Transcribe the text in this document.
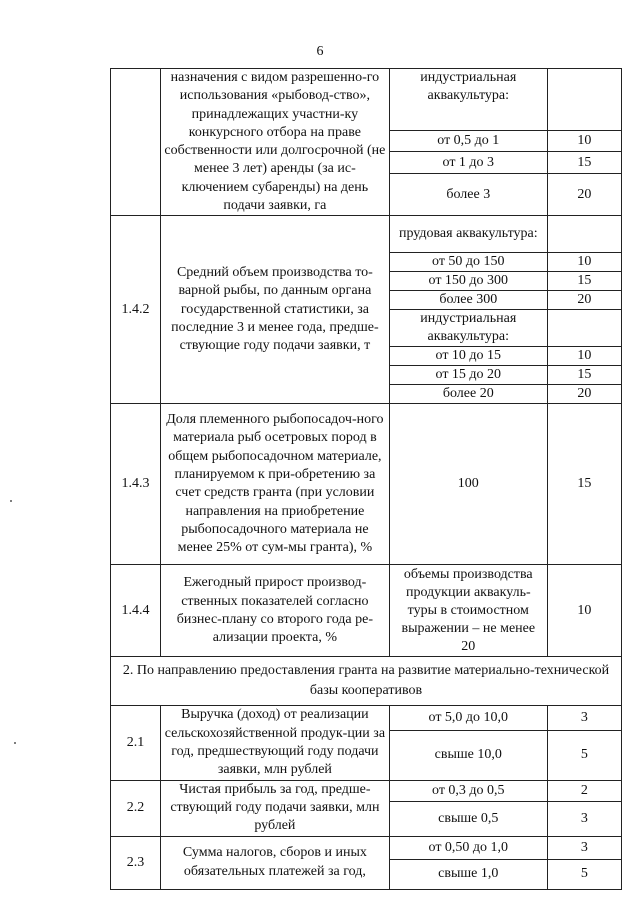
6
	назначения с видом разрешенно-го использования «рыбовод-ство», принадлежащих участни-ку конкурсного отбора на праве собственности или долгосрочной (не менее 3 лет) аренды (за ис-ключением субаренды) на день подачи заявки, га	индустриальная аквакультура:	
		от 0,5 до 1	10
		от 1 до 3	15
		более 3	20
1.4.2	Средний объем производства то-варной рыбы, по данным органа государственной статистики, за последние 3 и менее года, предше-ствующие году подачи заявки, т	прудовая аквакультура:	
		от 50 до 150	10
		от 150 до 300	15
		более 300	20
		индустриальная аквакультура:	
		от 10 до 15	10
		от 15 до 20	15
		более 20	20
1.4.3	Доля племенного рыбопосадоч-ного материала рыб осетровых пород в общем рыбопосадочном материале, планируемом к при-обретению за счет средств гранта (при условии направления на приобретение рыбопосадочного материала не менее 25% от сум-мы гранта), %	100	15
1.4.4	Ежегодный прирост производ-ственных показателей согласно бизнес-плану со второго года ре-ализации проекта, %	объемы производства продукции аквакуль-туры в стоимостном выражении – не менее 20	10
2. По направлению предоставления гранта на развитие материально-технической базы кооперативов			
2.1	Выручка (доход) от реализации сельскохозяйственной продук-ции за год, предшествующий году подачи заявки, млн рублей	от 5,0 до 10,0	3
		свыше 10,0	5
2.2	Чистая прибыль за год, предше-ствующий году подачи заявки, млн рублей	от 0,3 до 0,5	2
		свыше 0,5	3
2.3	Сумма налогов, сборов и иных обязательных платежей за год,	от 0,50 до 1,0	3
		свыше 1,0	5
